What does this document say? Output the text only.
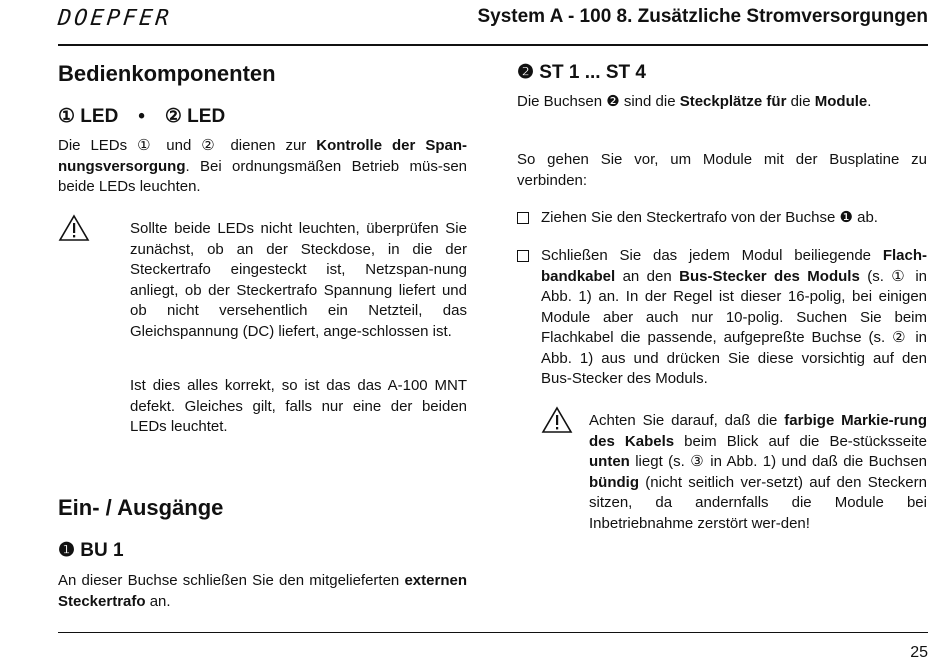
DOEPFER	System A - 100 8. Zusätzliche Stromversorgungen
Bedienkomponenten
① LED • ② LED
Die LEDs ① und ② dienen zur Kontrolle der Span-nungsversorgung. Bei ordnungsmäßen Betrieb müs-sen beide LEDs leuchten.
Sollte beide LEDs nicht leuchten, überprüfen Sie zunächst, ob an der Steckdose, in die der Steckertrafo eingesteckt ist, Netzspan-nung anliegt, ob der Steckertrafo Spannung liefert und ob nicht versehentlich ein Netzteil, das Gleichspannung (DC) liefert, ange-schlossen ist.
Ist dies alles korrekt, so ist das das A-100 MNT defekt. Gleiches gilt, falls nur eine der beiden LEDs leuchtet.
Ein- / Ausgänge
❶ BU 1
An dieser Buchse schließen Sie den mitgelieferten externen Steckertrafo an.
❷ ST 1 ... ST 4
Die Buchsen ❷ sind die Steckplätze für die Module.
So gehen Sie vor, um Module mit der Busplatine zu verbinden:
Ziehen Sie den Steckertrafo von der Buchse ❶ ab.
Schließen Sie das jedem Modul beiliegende Flach-bandkabel an den Bus-Stecker des Moduls (s. ① in Abb. 1) an. In der Regel ist dieser 16-polig, bei einigen Module aber auch nur 10-polig. Suchen Sie beim Flachkabel die passende, aufgepreßte Buchse (s. ② in Abb. 1) aus und drücken Sie diese vorsichtig auf den Bus-Stecker des Moduls.
Achten Sie darauf, daß die farbige Markie-rung des Kabels beim Blick auf die Be-stücksseite unten liegt (s. ③ in Abb. 1) und daß die Buchsen bündig (nicht seitlich ver-setzt) auf den Steckern sitzen, da andernfalls die Module bei Inbetriebnahme zerstört wer-den!
25
